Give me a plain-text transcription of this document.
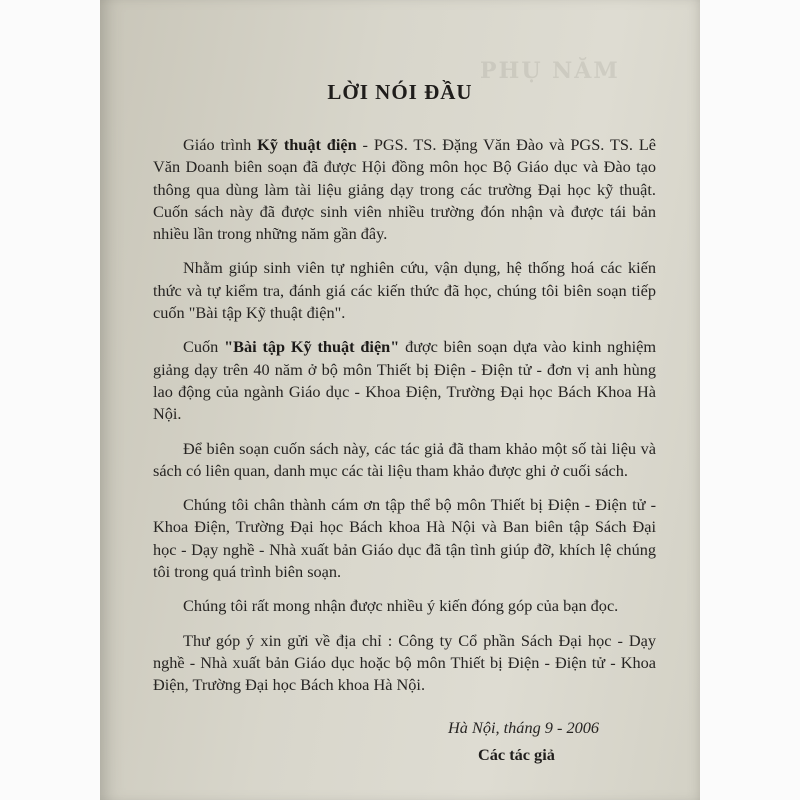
PHỤ NĂM
LỜI NÓI ĐẦU

Giáo trình Kỹ thuật điện - PGS. TS. Đặng Văn Đào và PGS. TS. Lê Văn Doanh biên soạn đã được Hội đồng môn học Bộ Giáo dục và Đào tạo thông qua dùng làm tài liệu giảng dạy trong các trường Đại học kỹ thuật. Cuốn sách này đã được sinh viên nhiều trường đón nhận và được tái bản nhiều lần trong những năm gần đây.

Nhằm giúp sinh viên tự nghiên cứu, vận dụng, hệ thống hoá các kiến thức và tự kiểm tra, đánh giá các kiến thức đã học, chúng tôi biên soạn tiếp cuốn "Bài tập Kỹ thuật điện".

Cuốn "Bài tập Kỹ thuật điện" được biên soạn dựa vào kinh nghiệm giảng dạy trên 40 năm ở bộ môn Thiết bị Điện - Điện tử - đơn vị anh hùng lao động của ngành Giáo dục - Khoa Điện, Trường Đại học Bách Khoa Hà Nội.

Để biên soạn cuốn sách này, các tác giả đã tham khảo một số tài liệu và sách có liên quan, danh mục các tài liệu tham khảo được ghi ở cuối sách.

Chúng tôi chân thành cám ơn tập thể bộ môn Thiết bị Điện - Điện tử - Khoa Điện, Trường Đại học Bách khoa Hà Nội và Ban biên tập Sách Đại học - Dạy nghề - Nhà xuất bản Giáo dục đã tận tình giúp đỡ, khích lệ chúng tôi trong quá trình biên soạn.

Chúng tôi rất mong nhận được nhiều ý kiến đóng góp của bạn đọc.

Thư góp ý xin gửi về địa chỉ : Công ty Cổ phần Sách Đại học - Dạy nghề - Nhà xuất bản Giáo dục hoặc bộ môn Thiết bị Điện - Điện tử - Khoa Điện, Trường Đại học Bách khoa Hà Nội.

Hà Nội, tháng 9 - 2006
Các tác giả
